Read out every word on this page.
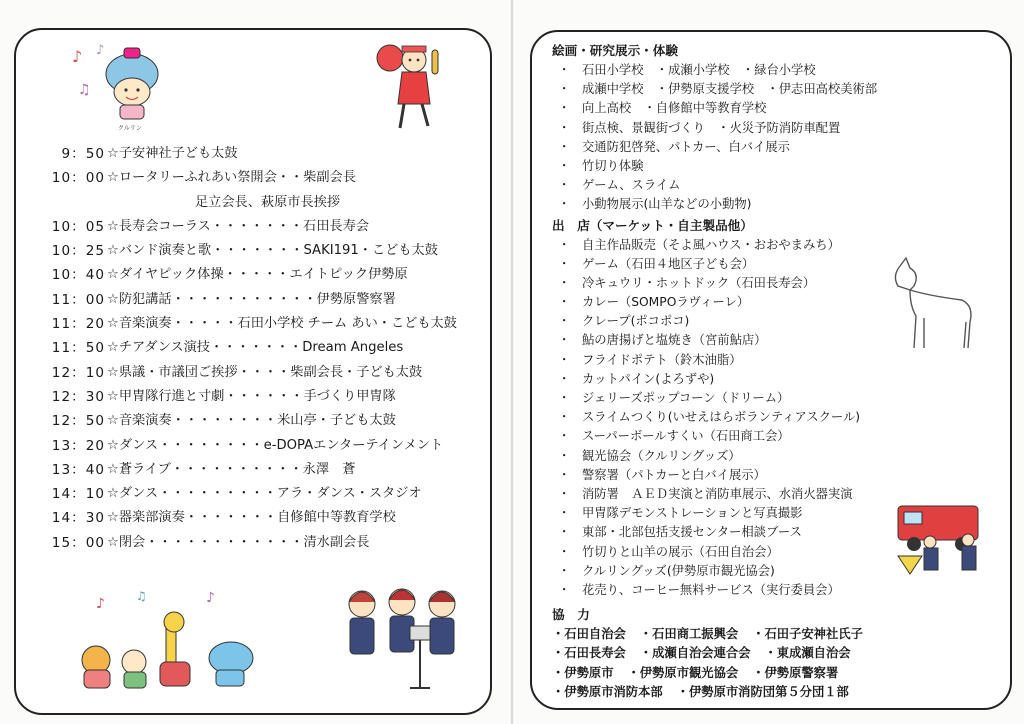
♪
♫
♪
クルリン
9：50 ☆子安神社子ども太鼓
10：00 ☆ロータリーふれあい祭開会・・柴副会長
足立会長、萩原市長挨拶
10：05 ☆長寿会コーラス・・・・・・・石田長寿会
10：25 ☆バンド演奏と歌・・・・・・・SAKI191・こども太鼓
10：40 ☆ダイヤピック体操・・・・・エイトピック伊勢原
11：00 ☆防犯講話・・・・・・・・・・・伊勢原警察署
11：20 ☆音楽演奏・・・・・石田小学校 チーム あい・こども太鼓
11：50 ☆チアダンス演技・・・・・・・Dream Angeles
12：10 ☆県議・市議団ご挨拶・・・・柴副会長・子ども太鼓
12：30 ☆甲冑隊行進と寸劇・・・・・・手づくり甲冑隊
12：50 ☆音楽演奏・・・・・・・・米山亭・子ども太鼓
13：20 ☆ダンス・・・・・・・・e-DOPAエンターテインメント
13：40 ☆蒼ライブ・・・・・・・・・・永澤　蒼
14：10 ☆ダンス・・・・・・・・・アラ・ダンス・スタジオ
14：30 ☆器楽部演奏・・・・・・・自修館中等教育学校
15：00 ☆閉会・・・・・・・・・・・・清水副会長
♪	♫	♪
絵画・研究展示・体験
・ 石田小学校　・成瀬小学校　・緑台小学校
・ 成瀬中学校　・伊勢原支援学校　・伊志田高校美術部
・ 向上高校　・自修館中等教育学校
・ 街点検、景観街づくり　・火災予防消防車配置
・ 交通防犯啓発、パトカー、白バイ展示
・ 竹切り体験
・ ゲーム、スライム
・ 小動物展示(山羊などの小動物)
出　店（マーケット・自主製品他）
・ 自主作品販売（そよ風ハウス・おおやまみち）
・ ゲーム（石田４地区子ども会）
・ 冷キュウリ・ホットドック（石田長寿会）
・ カレー（SOMPOラヴィーレ）
・ クレープ(ポコポコ)
・ 鮎の唐揚げと塩焼き（宮前鮎店）
・ フライドポテト（鈴木油脂）
・ カットパイン(よろずや)
・ ジェリーズポップコーン（ドリーム）
・ スライムつくり(いせえはらボランティアスクール)
・ スーパーボールすくい（石田商工会）
・ 観光協会（クルリングッズ）
・ 警察署（パトカーと白バイ展示）
・ 消防署　ＡＥＤ実演と消防車展示、水消火器実演
・ 甲冑隊デモンストレーションと写真撮影
・ 東部・北部包括支援センター相談ブース
・ 竹切りと山羊の展示（石田自治会）
・ クルリングッズ(伊勢原市観光協会)
・ 花売り、コーヒー無料サービス（実行委員会）
協　力
・石田自治会 ・石田商工振興会 ・石田子安神社氏子
・石田長寿会 ・成瀬自治会連合会 ・東成瀬自治会
・伊勢原市 ・伊勢原市観光協会 ・伊勢原警察署
・伊勢原市消防本部 ・伊勢原市消防団第５分団１部
